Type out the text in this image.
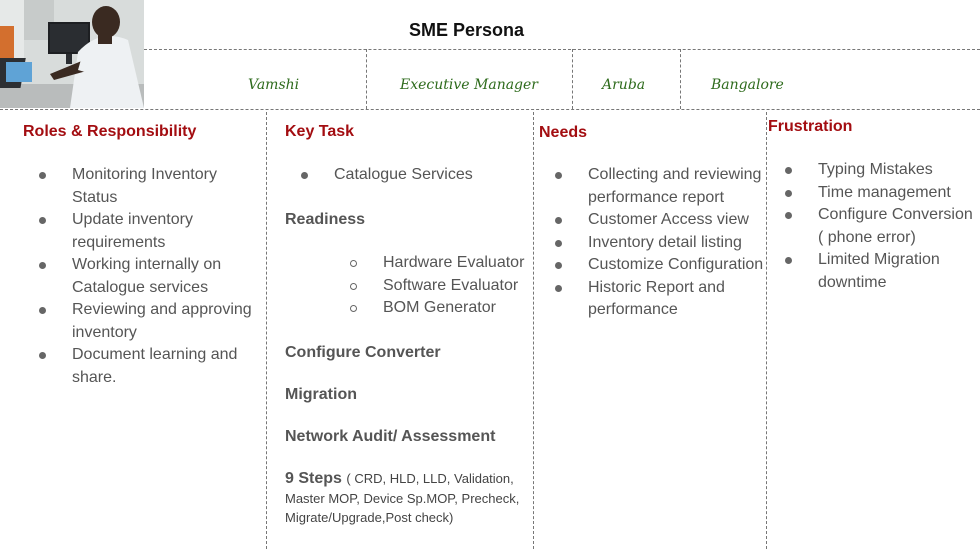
SME Persona
Vamshi	Executive Manager	Aruba	Bangalore
Roles & Responsibility
Monitoring Inventory Status
Update inventory requirements
Working internally on Catalogue services
Reviewing and approving inventory
Document learning and share.
Key Task
Catalogue Services
Readiness
Hardware Evaluator
Software Evaluator
BOM Generator
Configure Converter
Migration
Network Audit/ Assessment
9 Steps ( CRD, HLD, LLD, Validation, Master MOP, Device Sp.MOP, Precheck, Migrate/Upgrade,Post check)
Needs
Collecting and reviewing performance report
Customer Access view
Inventory detail listing
Customize Configuration
Historic Report and performance
Frustration
Typing Mistakes
Time management
Configure Conversion ( phone error)
Limited Migration downtime
